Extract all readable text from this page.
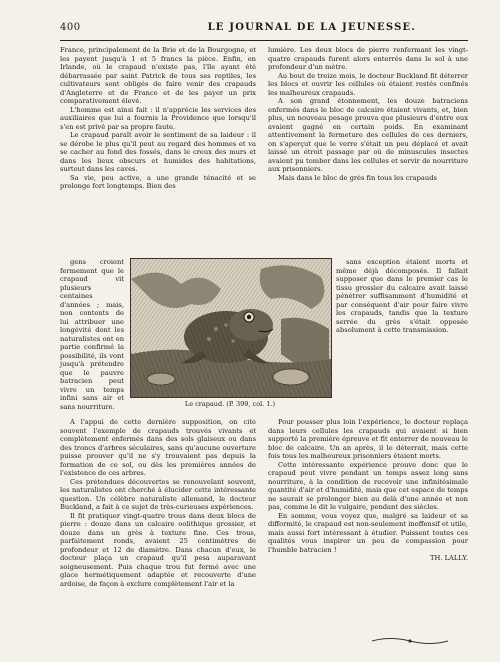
400	LE JOURNAL DE LA JEUNESSE.

France, principalement de la Brie et de la Bourgogne, et les payent jusqu'à 1 et 5 francs la pièce. Enfin, en Irlande, où le crapaud n'existe pas, l'île ayant été débarrassée par saint Patrick de tous ses reptiles, les cultivateurs sont obligés de faire venir des crapauds d'Angleterre et de France et de les payer un prix comparativement élevé.

L'homme est ainsi fait : il n'apprécie les services des auxiliaires que lui a fournis la Providence que lorsqu'il s'en est privé par sa propre faute.

Le crapaud paraît avoir le sentiment de sa laideur : il se dérobe le plus qu'il peut au regard des hommes et va se cacher au fond des fossés, dans le creux des murs et dans les lieux obscurs et humides des habitations, surtout dans les caves.

Sa vie, peu active, a une grande ténacité et se prolonge fort longtemps. Bien des

lumière. Les deux blocs de pierre renfermant les vingt-quatre crapauds furent alors enterrés dans le sol à une profondeur d'un mètre.

Au bout de treize mois, le docteur Buckland fit déterrer les blocs et ouvrir les cellules où étaient restés confinés les malheureux crapauds.

A son grand étonnement, les douze batraciens enfermés dans le bloc de calcaire étaient vivants, et, bien plus, un nouveau pesage prouva que plusieurs d'entre eux avaient gagné en certain poids. En examinant attentivement la fermeture des cellules de ces derniers, on s'aperçut que le verre s'était un peu déplacé et avait laissé un étroit passage par où de minuscules insectes avaient pu tomber dans les cellules et servir de nourriture aux prisonniers.

Mais dans le bloc de grès fin tous les crapauds

gens croient fermement que le crapaud vit plusieurs centaines d'années ; mais, non contents de lui attribuer une longévité dont les naturalistes ont en partie confirmé la possibilité, ils vont jusqu'à prétendre que le pauvre batracien peut vivre un temps infini sans air et sans nourriture.	Le crapaud. (P. 399, col. 1.)

sans exception étaient morts et même déjà décomposés. Il fallait supposer que dans le premier cas le tissu grossier du calcaire avait laissé pénétrer suffisamment d'humidité et par conséquent d'air pour faire vivre les crapauds, tandis que la texture serrée du grès s'était opposée absolument à cette transmission.

A l'appui de cette dernière supposition, on cite souvent l'exemple de crapauds trouvés vivants et complètement enfermés dans des sols glaiseux ou dans des troncs d'arbres séculaires, sans qu'aucune ouverture puisse prouver qu'il ne s'y trouvaient pas depuis la formation de ce sol, ou dès les premières années de l'existence de ces arbres.

Ces prétendues découvertes se renouvelant souvent, les naturalistes ont cherché à élucider cette intéressante question. Un célèbre naturaliste allemand, le docteur Buckland, a fait à ce sujet de très-curieuses expériences.

Il fit pratiquer vingt-quatre trous dans deux blocs de pierre : douze dans un calcaire oolithique grossier, et douze dans un grès à texture fine. Ces trous, parfaitement ronds, avaient 25 centimètres de profondeur et 12 de diamètre. Dans chacun d'eux, le docteur plaça un crapaud qu'il pesa auparavant soigneusement. Puis chaque trou fut fermé avec une glace hermétiquement adaptée et recouverte d'une ardoise, de façon à exclure complètement l'air et la

Pour pousser plus loin l'expérience, le docteur replaça dans leurs cellules les crapauds qui avaient si bien supporté la première épreuve et fit enterrer de nouveau le bloc de calcaire. Un an après, il le déterrait, mais cette fois tous les malheureux prisonniers étaient morts.

Cette intéressante expérience prouve donc que le crapaud peut vivre pendant un temps assez long sans nourriture, à la condition de recevoir une infinitésimale quantité d'air et d'humidité, mais que cet espace de temps ne saurait se prolonger bien au delà d'une année et non pas, comme le dit le vulgaire, pendant des siècles.

En somme, vous voyez que, malgré sa laideur et sa difformité, le crapaud est non-seulement inoffensif et utile, mais aussi fort intéressant à étudier. Puissent toutes ces qualités vous inspirer un peu de compassion pour l'humble batracien !

TH. LALLY.
